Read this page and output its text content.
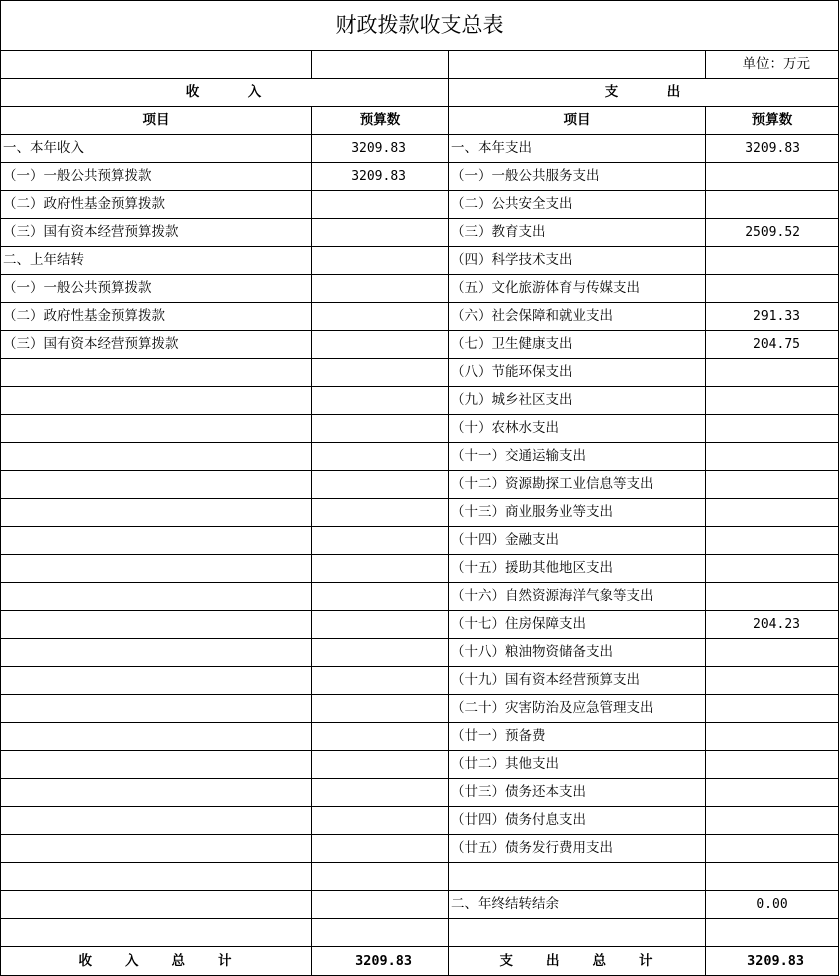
财政拨款收支总表			
			单位：万元
收　　　入		支　　　出	
项目	预算数	项目	预算数
一、本年收入	3209.83	一、本年支出	3209.83
（一）一般公共预算拨款	3209.83	（一）一般公共服务支出	
（二）政府性基金预算拨款		（二）公共安全支出	
（三）国有资本经营预算拨款		（三）教育支出	2509.52
二、上年结转		（四）科学技术支出	
（一）一般公共预算拨款		（五）文化旅游体育与传媒支出	
（二）政府性基金预算拨款		（六）社会保障和就业支出	291.33
（三）国有资本经营预算拨款		（七）卫生健康支出	204.75
		（八）节能环保支出	
		（九）城乡社区支出	
		（十）农林水支出	
		（十一）交通运输支出	
		（十二）资源勘探工业信息等支出	
		（十三）商业服务业等支出	
		（十四）金融支出	
		（十五）援助其他地区支出	
		（十六）自然资源海洋气象等支出	
		（十七）住房保障支出	204.23
		（十八）粮油物资储备支出	
		（十九）国有资本经营预算支出	
		（二十）灾害防治及应急管理支出	
		（廿一）预备费	
		（廿二）其他支出	
		（廿三）债务还本支出	
		（廿四）债务付息支出	
		（廿五）债务发行费用支出	

		二、年终结转结余	0.00

收　　入　　总　　计	3209.83	支　　出　　总　　计	3209.83
